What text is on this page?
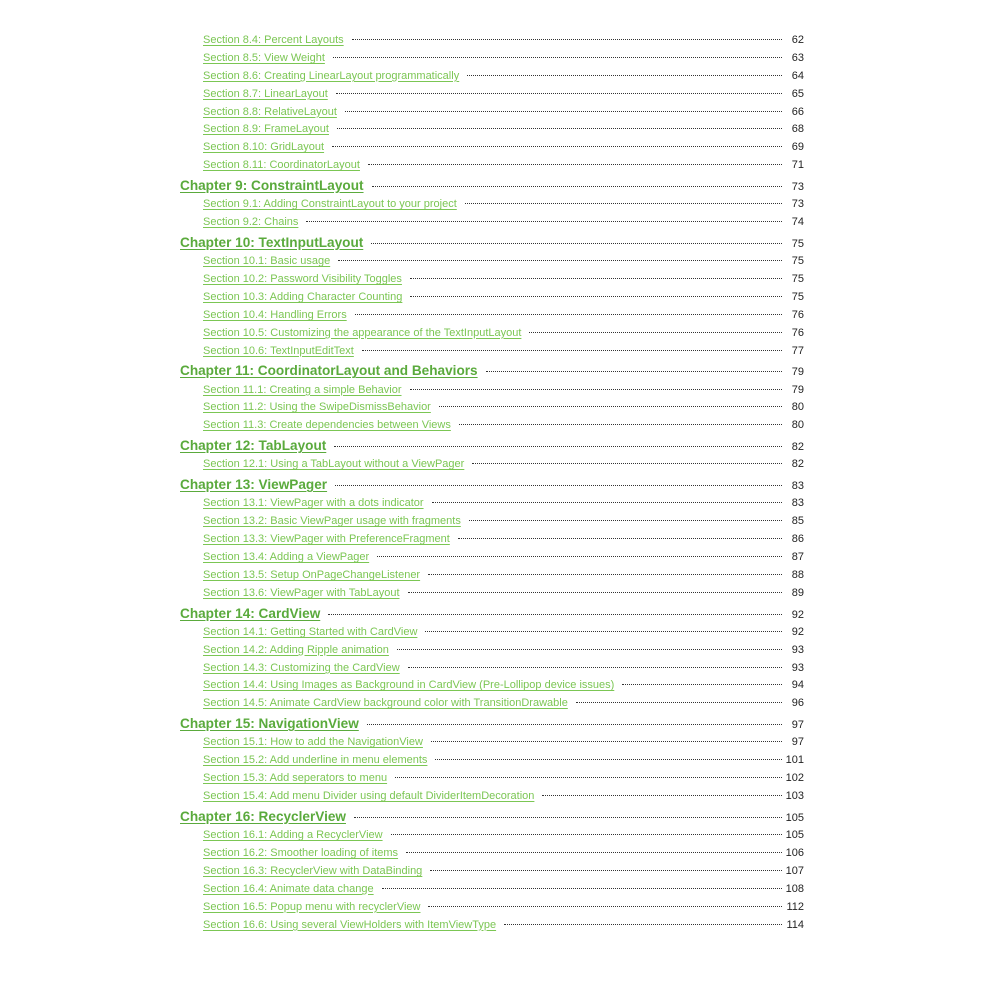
Section 8.4: Percent Layouts	62
Section 8.5: View Weight	63
Section 8.6: Creating LinearLayout programmatically	64
Section 8.7: LinearLayout	65
Section 8.8: RelativeLayout	66
Section 8.9: FrameLayout	68
Section 8.10: GridLayout	69
Section 8.11: CoordinatorLayout	71
Chapter 9: ConstraintLayout	73
Section 9.1: Adding ConstraintLayout to your project	73
Section 9.2: Chains	74
Chapter 10: TextInputLayout	75
Section 10.1: Basic usage	75
Section 10.2: Password Visibility Toggles	75
Section 10.3: Adding Character Counting	75
Section 10.4: Handling Errors	76
Section 10.5: Customizing the appearance of the TextInputLayout	76
Section 10.6: TextInputEditText	77
Chapter 11: CoordinatorLayout and Behaviors	79
Section 11.1: Creating a simple Behavior	79
Section 11.2: Using the SwipeDismissBehavior	80
Section 11.3: Create dependencies between Views	80
Chapter 12: TabLayout	82
Section 12.1: Using a TabLayout without a ViewPager	82
Chapter 13: ViewPager	83
Section 13.1: ViewPager with a dots indicator	83
Section 13.2: Basic ViewPager usage with fragments	85
Section 13.3: ViewPager with PreferenceFragment	86
Section 13.4: Adding a ViewPager	87
Section 13.5: Setup OnPageChangeListener	88
Section 13.6: ViewPager with TabLayout	89
Chapter 14: CardView	92
Section 14.1: Getting Started with CardView	92
Section 14.2: Adding Ripple animation	93
Section 14.3: Customizing the CardView	93
Section 14.4: Using Images as Background in CardView (Pre-Lollipop device issues)	94
Section 14.5: Animate CardView background color with TransitionDrawable	96
Chapter 15: NavigationView	97
Section 15.1: How to add the NavigationView	97
Section 15.2: Add underline in menu elements	101
Section 15.3: Add seperators to menu	102
Section 15.4: Add menu Divider using default DividerItemDecoration	103
Chapter 16: RecyclerView	105
Section 16.1: Adding a RecyclerView	105
Section 16.2: Smoother loading of items	106
Section 16.3: RecyclerView with DataBinding	107
Section 16.4: Animate data change	108
Section 16.5: Popup menu with recyclerView	112
Section 16.6: Using several ViewHolders with ItemViewType	114
